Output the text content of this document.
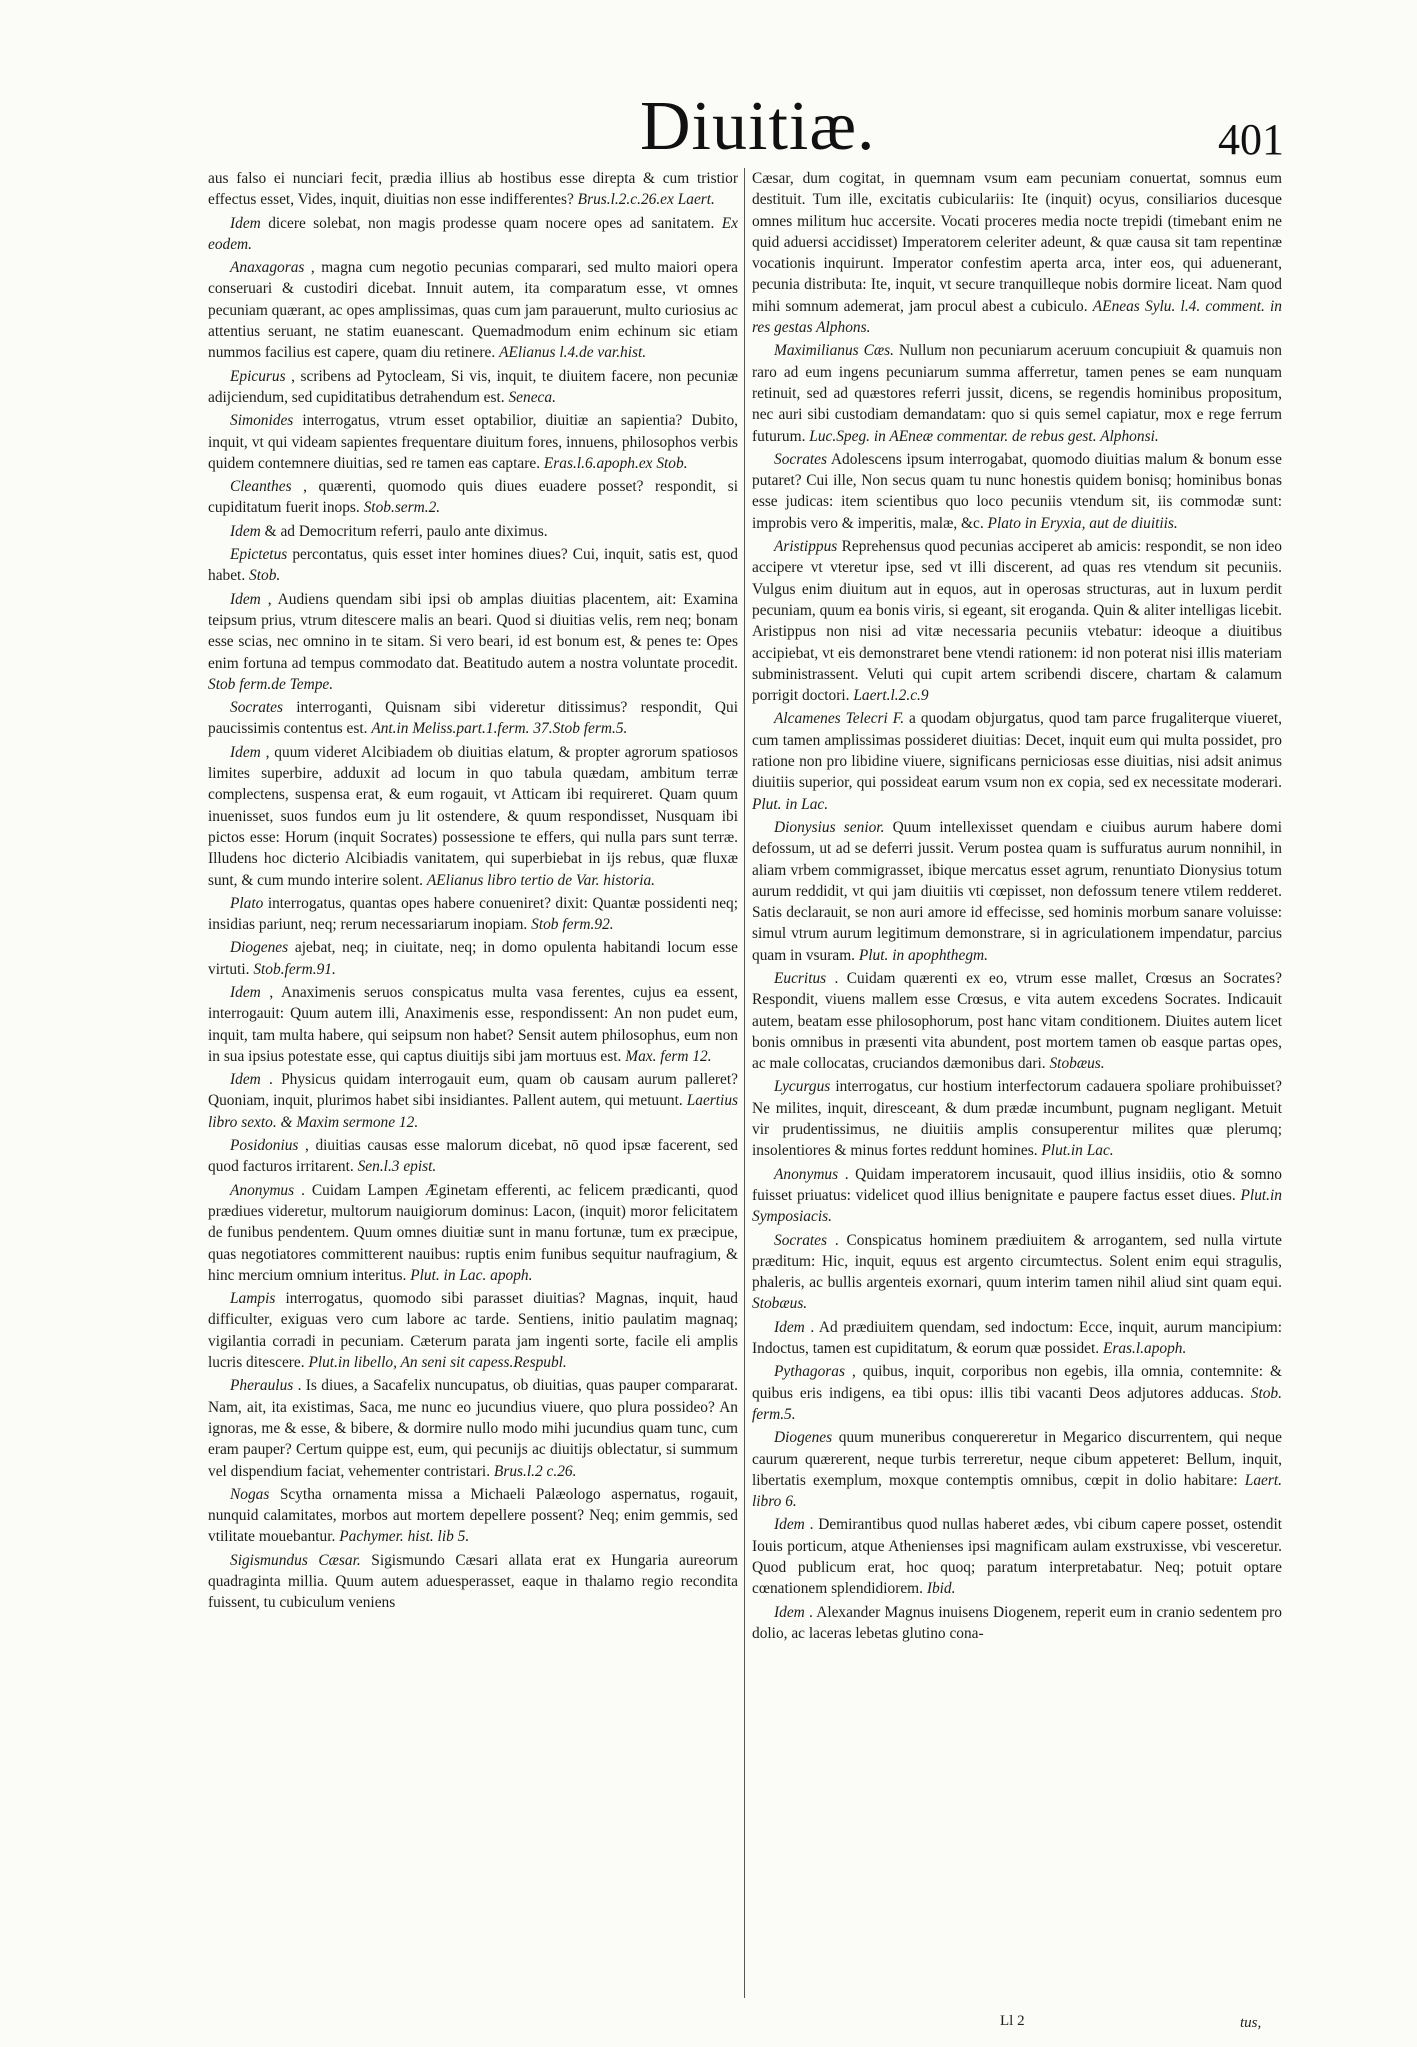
Diuitiæ.	401

aus falso ei nunciari fecit, prædia illius ab hostibus esse direpta & cum tristior effectus esset, Vides, inquit, diuitias non esse indifferentes? Brus.l.2.c.26.ex Laert.

Idem dicere solebat, non magis prodesse quam nocere opes ad sanitatem. Ex eodem.

Anaxagoras , magna cum negotio pecunias comparari, sed multo maiori opera conseruari & custodiri dicebat. Innuit autem, ita comparatum esse, vt omnes pecuniam quærant, ac opes amplissimas, quas cum jam parauerunt, multo curiosius ac attentius seruant, ne statim euanescant. Quemadmodum enim echinum sic etiam nummos facilius est capere, quam diu retinere. AElianus l.4.de var.hist.

Epicurus , scribens ad Pytocleam, Si vis, inquit, te diuitem facere, non pecuniæ adijciendum, sed cupiditatibus detrahendum est. Seneca.

Simonides interrogatus, vtrum esset optabilior, diuitiæ an sapientia? Dubito, inquit, vt qui videam sapientes frequentare diuitum fores, innuens, philosophos verbis quidem contemnere diuitias, sed re tamen eas captare. Eras.l.6.apoph.ex Stob.

Cleanthes , quærenti, quomodo quis diues euadere posset? respondit, si cupiditatum fuerit inops. Stob.serm.2.

Idem & ad Democritum referri, paulo ante diximus.

Epictetus percontatus, quis esset inter homines diues? Cui, inquit, satis est, quod habet. Stob.

Idem , Audiens quendam sibi ipsi ob amplas diuitias placentem, ait: Examina teipsum prius, vtrum ditescere malis an beari. Quod si diuitias velis, rem neq; bonam esse scias, nec omnino in te sitam. Si vero beari, id est bonum est, & penes te: Opes enim fortuna ad tempus commodato dat. Beatitudo autem a nostra voluntate procedit. Stob ferm.de Tempe.

Socrates interroganti, Quisnam sibi videretur ditissimus? respondit, Qui paucissimis contentus est. Ant.in Meliss.part.1.ferm. 37.Stob ferm.5.

Idem , quum videret Alcibiadem ob diuitias elatum, & propter agrorum spatiosos limites superbire, adduxit ad locum in quo tabula quædam, ambitum terræ complectens, suspensa erat, & eum rogauit, vt Atticam ibi requireret. Quam quum inuenisset, suos fundos eum ju lit ostendere, & quum respondisset, Nusquam ibi pictos esse: Horum (inquit Socrates) possessione te effers, qui nulla pars sunt terræ. Illudens hoc dicterio Alcibiadis vanitatem, qui superbiebat in ijs rebus, quæ fluxæ sunt, & cum mundo interire solent. AElianus libro tertio de Var. historia.

Plato interrogatus, quantas opes habere conueniret? dixit: Quantæ possidenti neq; insidias pariunt, neq; rerum necessariarum inopiam. Stob ferm.92.

Diogenes ajebat, neq; in ciuitate, neq; in domo opulenta habitandi locum esse virtuti. Stob.ferm.91.

Idem , Anaximenis seruos conspicatus multa vasa ferentes, cujus ea essent, interrogauit: Quum autem illi, Anaximenis esse, respondissent: An non pudet eum, inquit, tam multa habere, qui seipsum non habet? Sensit autem philosophus, eum non in sua ipsius potestate esse, qui captus diuitijs sibi jam mortuus est. Max. ferm 12.

Idem . Physicus quidam interrogauit eum, quam ob causam aurum palleret? Quoniam, inquit, plurimos habet sibi insidiantes. Pallent autem, qui metuunt. Laertius libro sexto. & Maxim sermone 12.

Posidonius , diuitias causas esse malorum dicebat, nō quod ipsæ facerent, sed quod facturos irritarent. Sen.l.3 epist.

Anonymus . Cuidam Lampen Æginetam efferenti, ac felicem prædicanti, quod prædiues videretur, multorum nauigiorum dominus: Lacon, (inquit) moror felicitatem de funibus pendentem. Quum omnes diuitiæ sunt in manu fortunæ, tum ex præcipue, quas negotiatores committerent nauibus: ruptis enim funibus sequitur naufragium, & hinc mercium omnium interitus. Plut. in Lac. apoph.

Lampis interrogatus, quomodo sibi parasset diuitias? Magnas, inquit, haud difficulter, exiguas vero cum labore ac tarde. Sentiens, initio paulatim magnaq; vigilantia corradi in pecuniam. Cæterum parata jam ingenti sorte, facile eli amplis lucris ditescere. Plut.in libello, An seni sit capess.Respubl.

Pheraulus . Is diues, a Sacafelix nuncupatus, ob diuitias, quas pauper compararat. Nam, ait, ita existimas, Saca, me nunc eo jucundius viuere, quo plura possideo? An ignoras, me & esse, & bibere, & dormire nullo modo mihi jucundius quam tunc, cum eram pauper? Certum quippe est, eum, qui pecunijs ac diuitijs oblectatur, si summum vel dispendium faciat, vehementer contristari. Brus.l.2 c.26.

Nogas Scytha ornamenta missa a Michaeli Palæologo aspernatus, rogauit, nunquid calamitates, morbos aut mortem depellere possent? Neq; enim gemmis, sed vtilitate mouebantur. Pachymer. hist. lib 5.

Sigismundus Cæsar. Sigismundo Cæsari allata erat ex Hungaria aureorum quadraginta millia. Quum autem aduesperasset, eaque in thalamo regio recondita fuissent, tu cubiculum veniens

Cæsar, dum cogitat, in quemnam vsum eam pecuniam conuertat, somnus eum destituit. Tum ille, excitatis cubiculariis: Ite (inquit) ocyus, consiliarios ducesque omnes militum huc accersite. Vocati proceres media nocte trepidi (timebant enim ne quid aduersi accidisset) Imperatorem celeriter adeunt, & quæ causa sit tam repentinæ vocationis inquirunt. Imperator confestim aperta arca, inter eos, qui aduenerant, pecunia distributa: Ite, inquit, vt secure tranquilleque nobis dormire liceat. Nam quod mihi somnum ademerat, jam procul abest a cubiculo. AEneas Sylu. l.4. comment. in res gestas Alphons.

Maximilianus Cæs. Nullum non pecuniarum aceruum concupiuit & quamuis non raro ad eum ingens pecuniarum summa afferretur, tamen penes se eam nunquam retinuit, sed ad quæstores referri jussit, dicens, se regendis hominibus propositum, nec auri sibi custodiam demandatam: quo si quis semel capiatur, mox e rege ferrum futurum. Luc.Speg. in AEneæ commentar. de rebus gest. Alphonsi.

Socrates Adolescens ipsum interrogabat, quomodo diuitias malum & bonum esse putaret? Cui ille, Non secus quam tu nunc honestis quidem bonisq; hominibus bonas esse judicas: item scientibus quo loco pecuniis vtendum sit, iis commodæ sunt: improbis vero & imperitis, malæ, &c. Plato in Eryxia, aut de diuitiis.

Aristippus Reprehensus quod pecunias acciperet ab amicis: respondit, se non ideo accipere vt vteretur ipse, sed vt illi discerent, ad quas res vtendum sit pecuniis. Vulgus enim diuitum aut in equos, aut in operosas structuras, aut in luxum perdit pecuniam, quum ea bonis viris, si egeant, sit eroganda. Quin & aliter intelligas licebit. Aristippus non nisi ad vitæ necessaria pecuniis vtebatur: ideoque a diuitibus accipiebat, vt eis demonstraret bene vtendi rationem: id non poterat nisi illis materiam subministrassent. Veluti qui cupit artem scribendi discere, chartam & calamum porrigit doctori. Laert.l.2.c.9

Alcamenes Telecri F. a quodam objurgatus, quod tam parce frugaliterque viueret, cum tamen amplissimas possideret diuitias: Decet, inquit eum qui multa possidet, pro ratione non pro libidine viuere, significans perniciosas esse diuitias, nisi adsit animus diuitiis superior, qui possideat earum vsum non ex copia, sed ex necessitate moderari. Plut. in Lac.

Dionysius senior. Quum intellexisset quendam e ciuibus aurum habere domi defossum, ut ad se deferri jussit. Verum postea quam is suffuratus aurum nonnihil, in aliam vrbem commigrasset, ibique mercatus esset agrum, renuntiato Dionysius totum aurum reddidit, vt qui jam diuitiis vti cœpisset, non defossum tenere vtilem redderet. Satis declarauit, se non auri amore id effecisse, sed hominis morbum sanare voluisse: simul vtrum aurum legitimum demonstrare, si in agriculationem impendatur, parcius quam in vsuram. Plut. in apophthegm.

Eucritus . Cuidam quærenti ex eo, vtrum esse mallet, Crœsus an Socrates? Respondit, viuens mallem esse Crœsus, e vita autem excedens Socrates. Indicauit autem, beatam esse philosophorum, post hanc vitam conditionem. Diuites autem licet bonis omnibus in præsenti vita abundent, post mortem tamen ob easque partas opes, ac male collocatas, cruciandos dæmonibus dari. Stobæus.

Lycurgus interrogatus, cur hostium interfectorum cadauera spoliare prohibuisset? Ne milites, inquit, diresceant, & dum prædæ incumbunt, pugnam negligant. Metuit vir prudentissimus, ne diuitiis amplis consuperentur milites quæ plerumq; insolentiores & minus fortes reddunt homines. Plut.in Lac.

Anonymus . Quidam imperatorem incusauit, quod illius insidiis, otio & somno fuisset priuatus: videlicet quod illius benignitate e paupere factus esset diues. Plut.in Symposiacis.

Socrates . Conspicatus hominem prædiuitem & arrogantem, sed nulla virtute præditum: Hic, inquit, equus est argento circumtectus. Solent enim equi stragulis, phaleris, ac bullis argenteis exornari, quum interim tamen nihil aliud sint quam equi. Stobæus.

Idem . Ad prædiuitem quendam, sed indoctum: Ecce, inquit, aurum mancipium: Indoctus, tamen est cupiditatum, & eorum quæ possidet. Eras.l.apoph.

Pythagoras , quibus, inquit, corporibus non egebis, illa omnia, contemnite: & quibus eris indigens, ea tibi opus: illis tibi vacanti Deos adjutores adducas. Stob. ferm.5.

Diogenes quum muneribus conquereretur in Megarico discurrentem, qui neque caurum quærerent, neque turbis terreretur, neque cibum appeteret: Bellum, inquit, libertatis exemplum, moxque contemptis omnibus, cœpit in dolio habitare: Laert. libro 6.

Idem . Demirantibus quod nullas haberet ædes, vbi cibum capere posset, ostendit Iouis porticum, atque Athenienses ipsi magnificam aulam exstruxisse, vbi vesceretur. Quod publicum erat, hoc quoq; paratum interpretabatur. Neq; potuit optare cœnationem splendidiorem. Ibid.

Idem . Alexander Magnus inuisens Diogenem, reperit eum in cranio sedentem pro dolio, ac laceras lebetas glutino cona-

Ll 2	tus,
